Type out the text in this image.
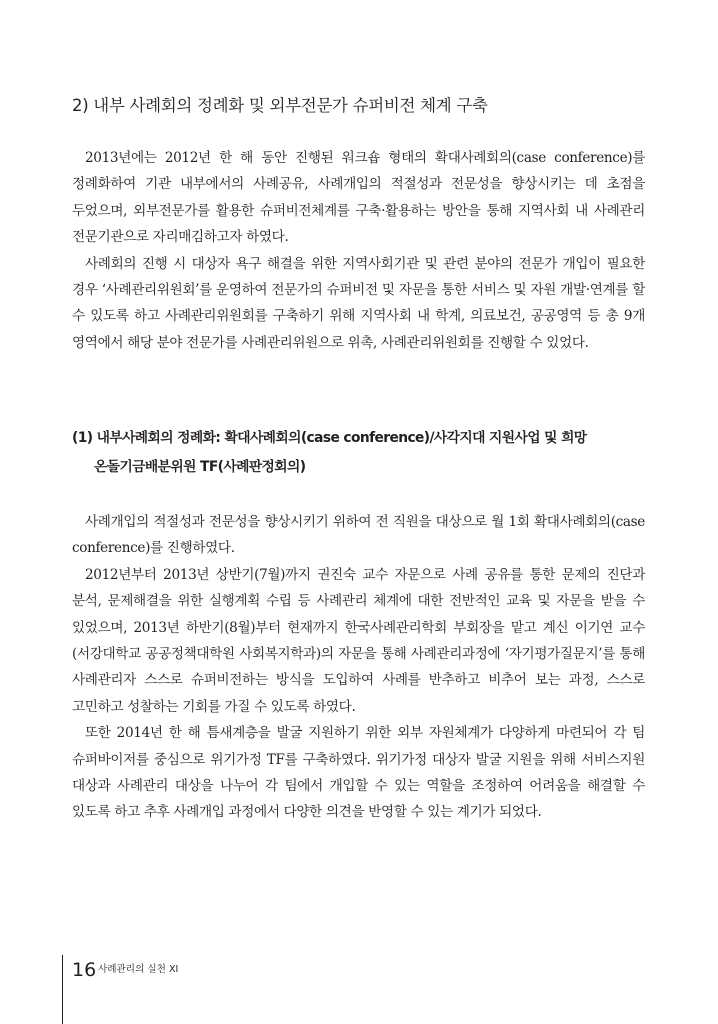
2) 내부 사례회의 정례화 및 외부전문가 슈퍼비전 체계 구축

2013년에는 2012년 한 해 동안 진행된 워크숍 형태의 확대사례회의(case conference)를 정례화하여 기관 내부에서의 사례공유, 사례개입의 적절성과 전문성을 향상시키는 데 초점을 두었으며, 외부전문가를 활용한 슈퍼비전체계를 구축·활용하는 방안을 통해 지역사회 내 사례관리 전문기관으로 자리매김하고자 하였다.

사례회의 진행 시 대상자 욕구 해결을 위한 지역사회기관 및 관련 분야의 전문가 개입이 필요한 경우 ‘사례관리위원회’를 운영하여 전문가의 슈퍼비전 및 자문을 통한 서비스 및 자원 개발·연계를 할 수 있도록 하고 사례관리위원회를 구축하기 위해 지역사회 내 학계, 의료보건, 공공영역 등 총 9개 영역에서 해당 분야 전문가를 사례관리위원으로 위촉, 사례관리위원회를 진행할 수 있었다.

(1) 내부사례회의 정례화: 확대사례회의(case conference)/사각지대 지원사업 및 희망
온돌기금배분위원 TF(사례판정회의)

사례개입의 적절성과 전문성을 향상시키기 위하여 전 직원을 대상으로 월 1회 확대사례회의(case conference)를 진행하였다.

2012년부터 2013년 상반기(7월)까지 권진숙 교수 자문으로 사례 공유를 통한 문제의 진단과 분석, 문제해결을 위한 실행계획 수립 등 사례관리 체계에 대한 전반적인 교육 및 자문을 받을 수 있었으며, 2013년 하반기(8월)부터 현재까지 한국사례관리학회 부회장을 맡고 계신 이기연 교수(서강대학교 공공정책대학원 사회복지학과)의 자문을 통해 사례관리과정에 ‘자기평가질문지’를 통해 사례관리자 스스로 슈퍼비전하는 방식을 도입하여 사례를 반추하고 비추어 보는 과정, 스스로 고민하고 성찰하는 기회를 가질 수 있도록 하였다.

또한 2014년 한 해 틈새계층을 발굴 지원하기 위한 외부 자원체계가 다양하게 마련되어 각 팀 슈퍼바이저를 중심으로 위기가정 TF를 구축하였다. 위기가정 대상자 발굴 지원을 위해 서비스지원 대상과 사례관리 대상을 나누어 각 팀에서 개입할 수 있는 역할을 조정하여 어려움을 해결할 수 있도록 하고 추후 사례개입 과정에서 다양한 의견을 반영할 수 있는 계기가 되었다.

16 사례관리의 실천 XI
